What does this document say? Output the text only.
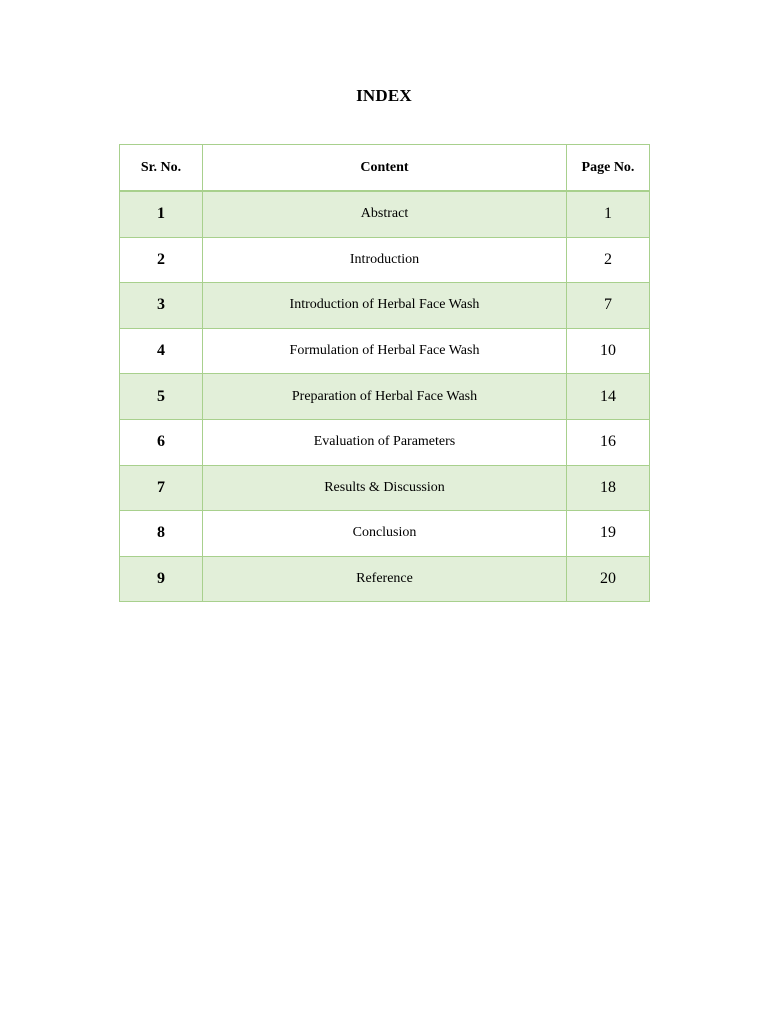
INDEX
Sr. No.	Content	Page No.
1	Abstract	1
2	Introduction	2
3	Introduction of Herbal Face Wash	7
4	Formulation of Herbal Face Wash	10
5	Preparation of Herbal Face Wash	14
6	Evaluation of Parameters	16
7	Results & Discussion	18
8	Conclusion	19
9	Reference	20
